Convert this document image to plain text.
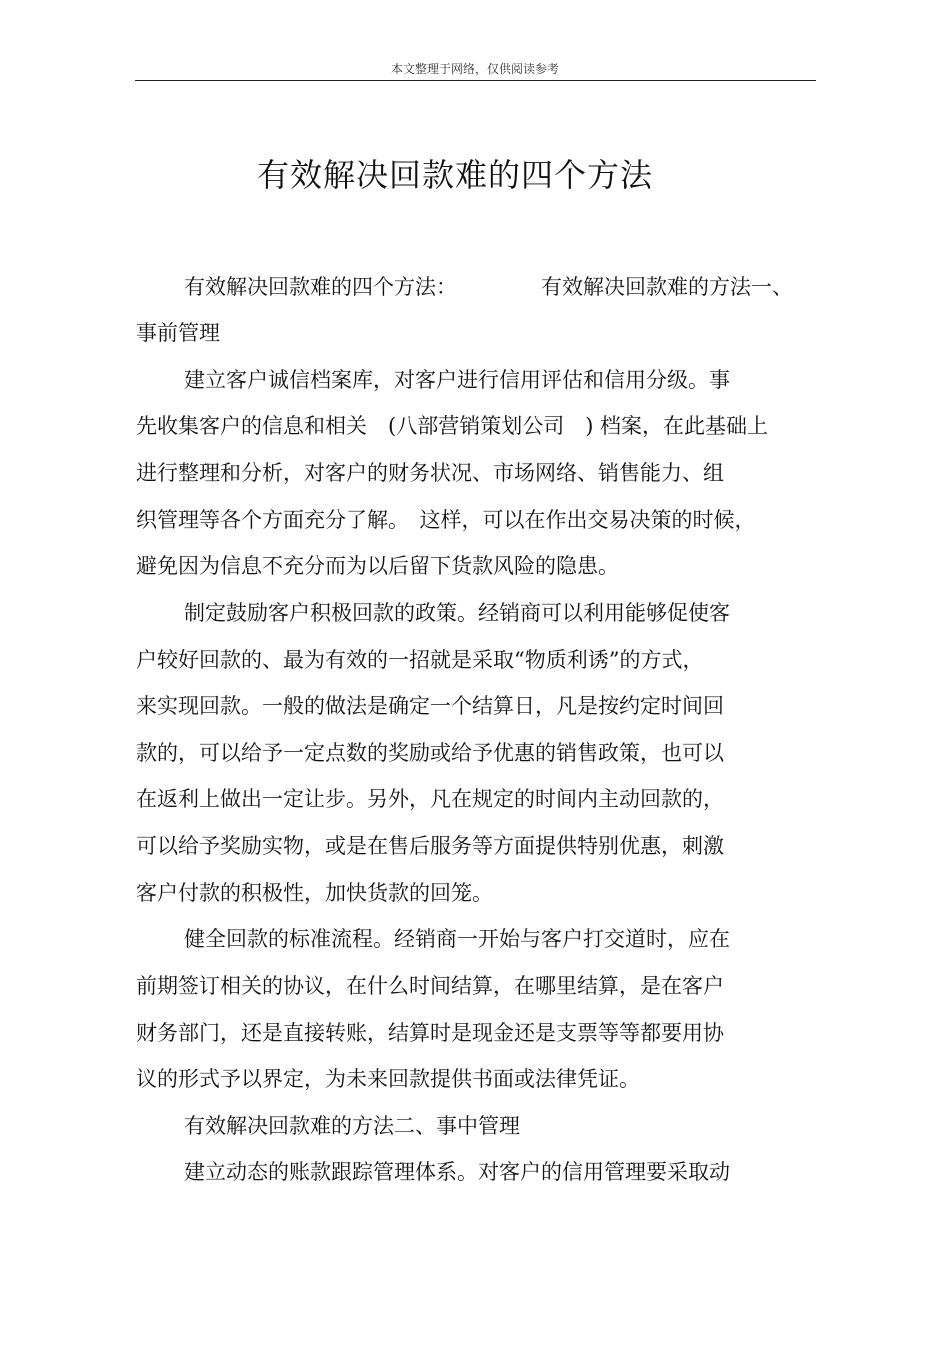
本文整理于网络，仅供阅读参考
有效解决回款难的四个方法
有效解决回款难的四个方法：	有效解决回款难的方法一、
事前管理
建立客户诚信档案库，对客户进行信用评估和信用分级。事
先收集客户的信息和相关　(八部营销策划公司　) 档案，在此基础上
进行整理和分析，对客户的财务状况、市场网络、销售能力、组
织管理等各个方面充分了解。　这样，可以在作出交易决策的时候，
避免因为信息不充分而为以后留下货款风险的隐患。
制定鼓励客户积极回款的政策。经销商可以利用能够促使客
户较好回款的、最为有效的一招就是采取“物质利诱”的方式，
来实现回款。一般的做法是确定一个结算日，凡是按约定时间回
款的，可以给予一定点数的奖励或给予优惠的销售政策，也可以
在返利上做出一定让步。另外，凡在规定的时间内主动回款的，
可以给予奖励实物，或是在售后服务等方面提供特别优惠，刺激
客户付款的积极性，加快货款的回笼。
健全回款的标准流程。经销商一开始与客户打交道时，应在
前期签订相关的协议，在什么时间结算，在哪里结算，是在客户
财务部门，还是直接转账，结算时是现金还是支票等等都要用协
议的形式予以界定，为未来回款提供书面或法律凭证。
有效解决回款难的方法二、事中管理
建立动态的账款跟踪管理体系。对客户的信用管理要采取动
